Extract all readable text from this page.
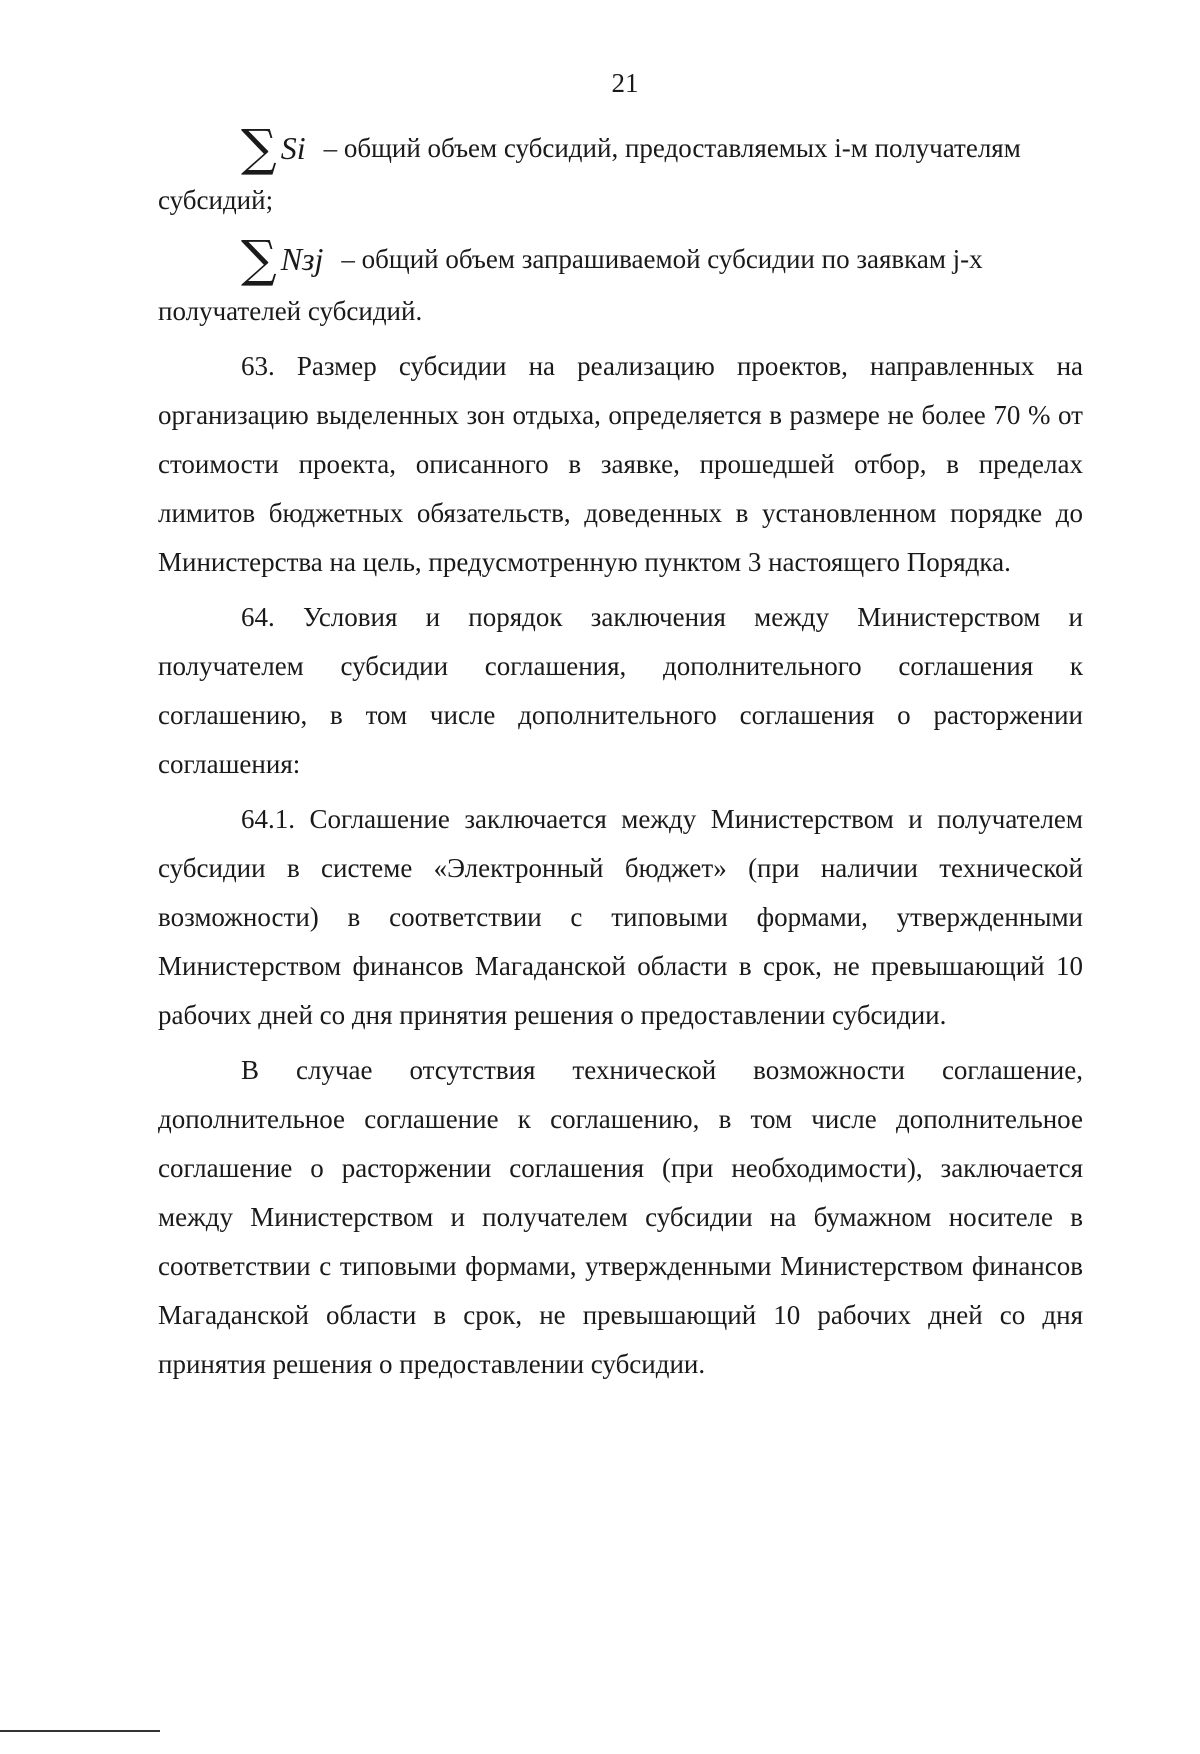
21
∑ Si – общий объем субсидий, предоставляемых i-м получателям
субсидий;
∑ Nзj – общий объем запрашиваемой субсидии по заявкам j-х
получателей субсидий.

63. Размер субсидии на реализацию проектов, направленных на организацию выделенных зон отдыха, определяется в размере не более 70 % от стоимости проекта, описанного в заявке, прошедшей отбор, в пределах лимитов бюджетных обязательств, доведенных в установленном порядке до Министерства на цель, предусмотренную пунктом 3 настоящего Порядка.

64. Условия и порядок заключения между Министерством и получателем субсидии соглашения, дополнительного соглашения к соглашению, в том числе дополнительного соглашения о расторжении соглашения:

64.1. Соглашение заключается между Министерством и получателем субсидии в системе «Электронный бюджет» (при наличии технической возможности) в соответствии с типовыми формами, утвержденными Министерством финансов Магаданской области в срок, не превышающий 10 рабочих дней со дня принятия решения о предоставлении субсидии.

В случае отсутствия технической возможности соглашение, дополнительное соглашение к соглашению, в том числе дополнительное соглашение о расторжении соглашения (при необходимости), заключается между Министерством и получателем субсидии на бумажном носителе в соответствии с типовыми формами, утвержденными Министерством финансов Магаданской области в срок, не превышающий 10 рабочих дней со дня принятия решения о предоставлении субсидии.
